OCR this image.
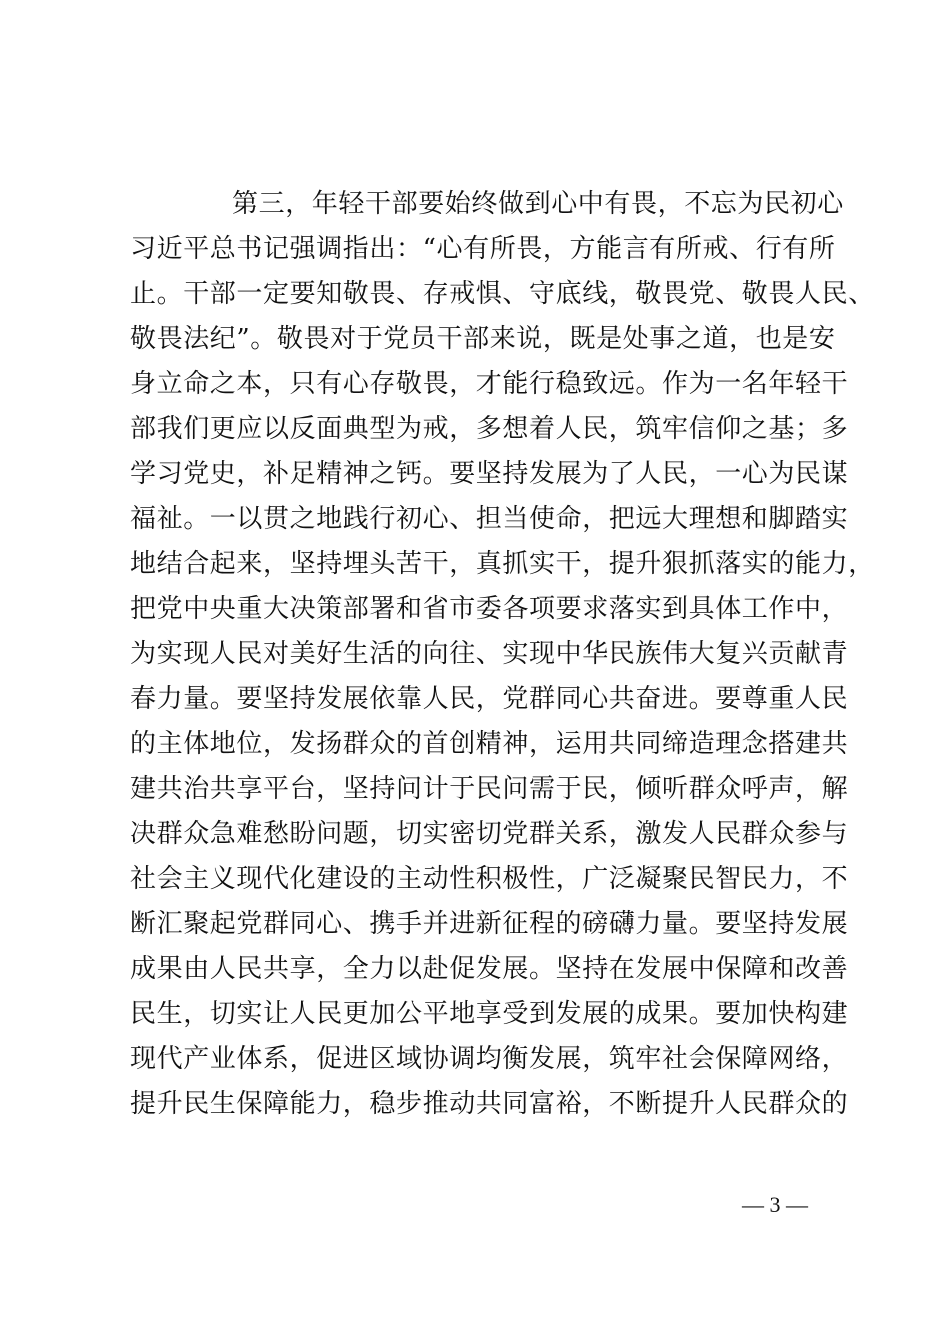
第三，年轻干部要始终做到心中有畏，不忘为民初心
习近平总书记强调指出：“心有所畏，方能言有所戒、行有所
止。干部一定要知敬畏、存戒惧、守底线，敬畏党、敬畏人民、
敬畏法纪”。敬畏对于党员干部来说，既是处事之道，也是安
身立命之本，只有心存敬畏，才能行稳致远。作为一名年轻干
部我们更应以反面典型为戒，多想着人民，筑牢信仰之基；多
学习党史，补足精神之钙。要坚持发展为了人民，一心为民谋
福祉。一以贯之地践行初心、担当使命，把远大理想和脚踏实
地结合起来，坚持埋头苦干，真抓实干，提升狠抓落实的能力，
把党中央重大决策部署和省市委各项要求落实到具体工作中，
为实现人民对美好生活的向往、实现中华民族伟大复兴贡献青
春力量。要坚持发展依靠人民，党群同心共奋进。要尊重人民
的主体地位，发扬群众的首创精神，运用共同缔造理念搭建共
建共治共享平台，坚持问计于民问需于民，倾听群众呼声，解
决群众急难愁盼问题，切实密切党群关系，激发人民群众参与
社会主义现代化建设的主动性积极性，广泛凝聚民智民力，不
断汇聚起党群同心、携手并进新征程的磅礴力量。要坚持发展
成果由人民共享，全力以赴促发展。坚持在发展中保障和改善
民生，切实让人民更加公平地享受到发展的成果。要加快构建
现代产业体系，促进区域协调均衡发展，筑牢社会保障网络，
提升民生保障能力，稳步推动共同富裕，不断提升人民群众的
— 3 —
